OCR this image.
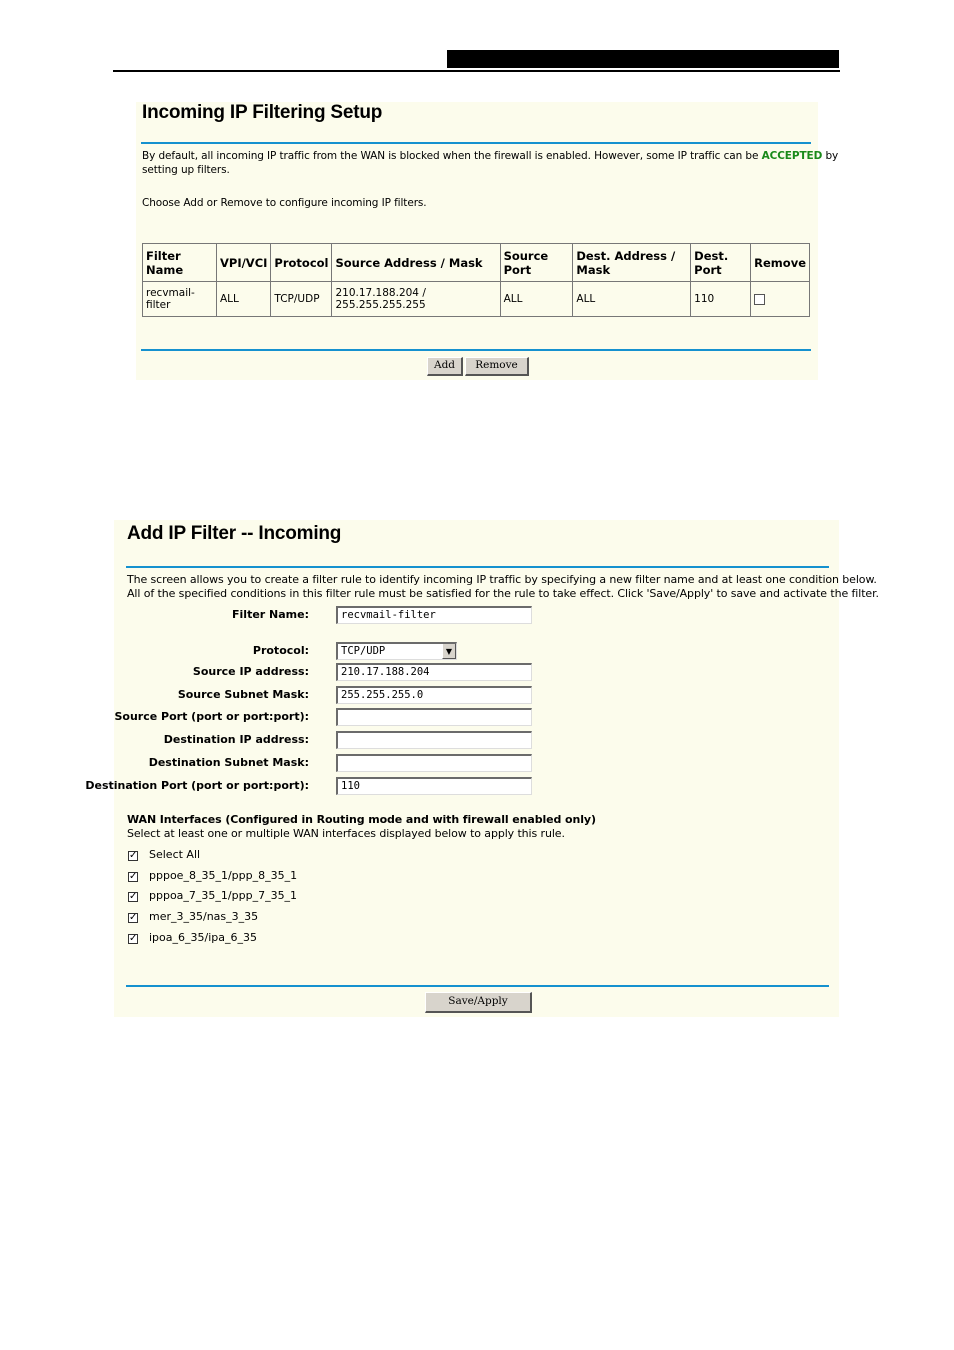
Incoming IP Filtering Setup
By default, all incoming IP traffic from the WAN is blocked when the firewall is enabled. However, some IP traffic can be ACCEPTED by
setting up filters.
Choose Add or Remove to configure incoming IP filters.
Filter Name	VPI/VCI	Protocol	Source Address / Mask	Source Port	Dest. Address / Mask	Dest. Port	Remove
recvmail-filter	ALL	TCP/UDP	210.17.188.204 /
255.255.255.255	ALL	ALL	110	
Add	Remove
Add IP Filter -- Incoming
The screen allows you to create a filter rule to identify incoming IP traffic by specifying a new filter name and at least one condition below.
All of the specified conditions in this filter rule must be satisfied for the rule to take effect. Click 'Save/Apply' to save and activate the filter.
Filter Name:	recvmail-filter
Protocol:	TCP/UDP	▼
Source IP address:	210.17.188.204
Source Subnet Mask:	255.255.255.0
Source Port (port or port:port):
Destination IP address:
Destination Subnet Mask:
Destination Port (port or port:port):	110
WAN Interfaces (Configured in Routing mode and with firewall enabled only)
Select at least one or multiple WAN interfaces displayed below to apply this rule.
✓ Select All
✓ pppoe_8_35_1/ppp_8_35_1
✓ pppoa_7_35_1/ppp_7_35_1
✓ mer_3_35/nas_3_35
✓ ipoa_6_35/ipa_6_35
Save/Apply
